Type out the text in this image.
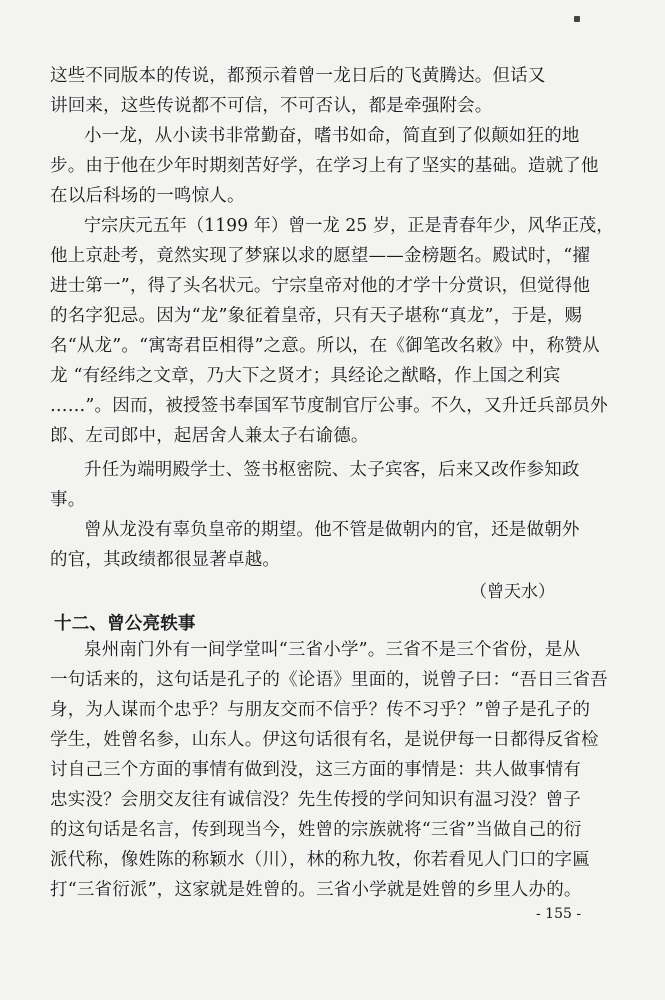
这些不同版本的传说，都预示着曾一龙日后的飞黄腾达。但话又
讲回来，这些传说都不可信，不可否认，都是牵强附会。
小一龙，从小读书非常勤奋，嗜书如命，简直到了似颠如狂的地
步。由于他在少年时期刻苦好学，在学习上有了坚实的基础。造就了他
在以后科场的一鸣惊人。
宁宗庆元五年（1199 年）曾一龙 25 岁，正是青春年少，风华正茂，
他上京赴考，竟然实现了梦寐以求的愿望——金榜题名。殿试时，“擢
进士第一”，得了头名状元。宁宗皇帝对他的才学十分赏识，但觉得他
的名字犯忌。因为“龙”象征着皇帝，只有天子堪称“真龙”，于是，赐
名“从龙”。“寓寄君臣相得”之意。所以，在《御笔改名敕》中，称赞从
龙 “有经纬之文章，乃大下之贤才；具经论之猷略，作上国之利宾
……”。因而，被授签书奉国军节度制官厅公事。不久，又升迁兵部员外
郎、左司郎中，起居舍人兼太子右谕德。
升任为端明殿学士、签书枢密院、太子宾客，后来又改作参知政
事。
曾从龙没有辜负皇帝的期望。他不管是做朝内的官，还是做朝外
的官，其政绩都很显著卓越。
（曾天水）
十二、曾公亮轶事
泉州南门外有一间学堂叫“三省小学”。三省不是三个省份，是从
一句话来的，这句话是孔子的《论语》里面的，说曾子曰：“吾日三省吾
身，为人谋而个忠乎？与朋友交而不信乎？传不习乎？”曾子是孔子的
学生，姓曾名参，山东人。伊这句话很有名，是说伊每一日都得反省检
讨自己三个方面的事情有做到没，这三方面的事情是：共人做事情有
忠实没？会朋交友往有诚信没？先生传授的学问知识有温习没？曾子
的这句话是名言，传到现当今，姓曾的宗族就将“三省”当做自己的衍
派代称，像姓陈的称颖水（川），林的称九牧，你若看见人门口的字匾
打“三省衍派”，这家就是姓曾的。三省小学就是姓曾的乡里人办的。
- 155 -
